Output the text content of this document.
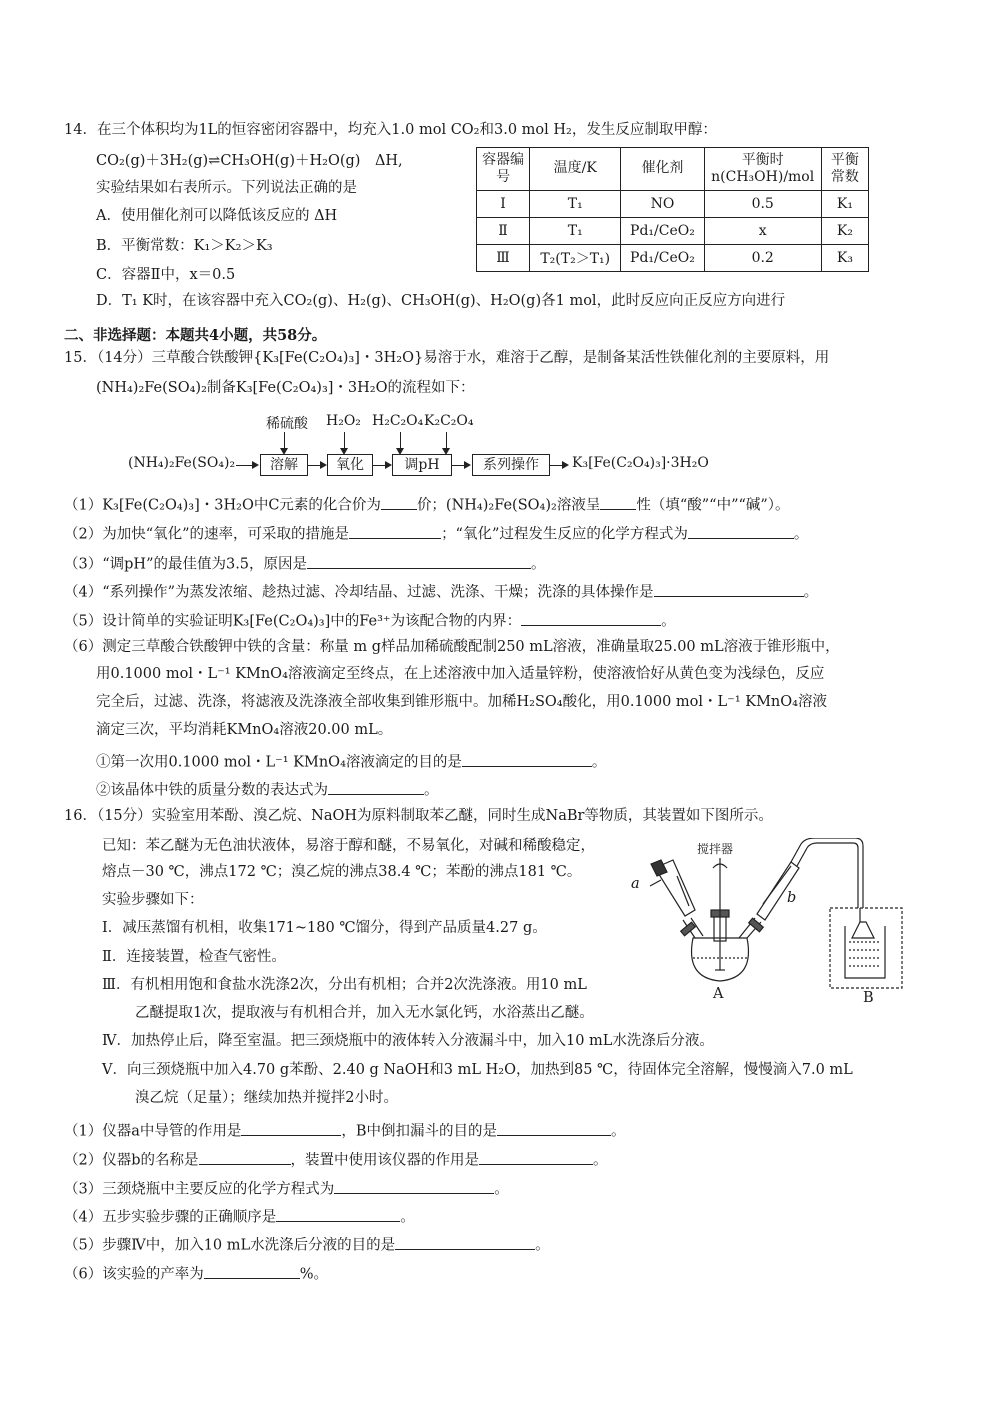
14．在三个体积均为1L的恒容密闭容器中，均充入1.0 mol CO₂和3.0 mol H₂，发生反应制取甲醇：
CO₂(g)＋3H₂(g)⇌CH₃OH(g)＋H₂O(g)　ΔH,
实验结果如右表所示。下列说法正确的是
A．使用催化剂可以降低该反应的 ΔH
B．平衡常数：K₁＞K₂＞K₃
C．容器Ⅱ中，x＝0.5
D．T₁ K时，在该容器中充入CO₂(g)、H₂(g)、CH₃OH(g)、H₂O(g)各1 mol，此时反应向正反应方向进行
容器编号	温度/K	催化剂	平衡时 n(CH₃OH)/mol	平衡常数
Ⅰ	T₁	NO	0.5	K₁
Ⅱ	T₁	Pd₁/CeO₂	x	K₂
Ⅲ	T₂(T₂＞T₁)	Pd₁/CeO₂	0.2	K₃
二、非选择题：本题共4小题，共58分。
15．（14分）三草酸合铁酸钾{K₃[Fe(C₂O₄)₃]・3H₂O}易溶于水，难溶于乙醇，是制备某活性铁催化剂的主要原料，用
(NH₄)₂Fe(SO₄)₂制备K₃[Fe(C₂O₄)₃]・3H₂O的流程如下：
稀硫酸 H₂O₂ H₂C₂O₄ K₂C₂O₄
(NH₄)₂Fe(SO₄)₂	溶解	氧化	调pH	系列操作	K₃[Fe(C₂O₄)₃]·3H₂O
（1）K₃[Fe(C₂O₄)₃]・3H₂O中C元素的化合价为 价；(NH₄)₂Fe(SO₄)₂溶液呈 性（填“酸”“中”“碱”）。
（2）为加快“氧化”的速率，可采取的措施是	；“氧化”过程发生反应的化学方程式为	。
（3）“调pH”的最佳值为3.5，原因是	。
（4）“系列操作”为蒸发浓缩、趁热过滤、冷却结晶、过滤、洗涤、干燥；洗涤的具体操作是	。
（5）设计简单的实验证明K₃[Fe(C₂O₄)₃]中的Fe³⁺为该配合物的内界：	。
（6）测定三草酸合铁酸钾中铁的含量：称量 m g样品加稀硫酸配制250 mL溶液，准确量取25.00 mL溶液于锥形瓶中，
用0.1000 mol・L⁻¹ KMnO₄溶液滴定至终点，在上述溶液中加入适量锌粉，使溶液恰好从黄色变为浅绿色，反应
完全后，过滤、洗涤，将滤液及洗涤液全部收集到锥形瓶中。加稀H₂SO₄酸化，用0.1000 mol・L⁻¹ KMnO₄溶液
滴定三次，平均消耗KMnO₄溶液20.00 mL。
①第一次用0.1000 mol・L⁻¹ KMnO₄溶液滴定的目的是	。
②该晶体中铁的质量分数的表达式为	。
16．（15分）实验室用苯酚、溴乙烷、NaOH为原料制取苯乙醚，同时生成NaBr等物质，其装置如下图所示。
已知：苯乙醚为无色油状液体，易溶于醇和醚，不易氧化，对碱和稀酸稳定，
熔点－30 ℃，沸点172 ℃；溴乙烷的沸点38.4 ℃；苯酚的沸点181 ℃。
实验步骤如下：
Ⅰ．减压蒸馏有机相，收集171~180 ℃馏分，得到产品质量4.27 g。
Ⅱ．连接装置，检查气密性。
Ⅲ．有机相用饱和食盐水洗涤2次，分出有机相；合并2次洗涤液。用10 mL
乙醚提取1次，提取液与有机相合并，加入无水氯化钙，水浴蒸出乙醚。
Ⅳ．加热停止后，降至室温。把三颈烧瓶中的液体转入分液漏斗中，加入10 mL水洗涤后分液。
Ⅴ．向三颈烧瓶中加入4.70 g苯酚、2.40 g NaOH和3 mL H₂O，加热到85 ℃，待固体完全溶解，慢慢滴入7.0 mL
溴乙烷（足量）；继续加热并搅拌2小时。
搅拌器
a
b
A	B
（1）仪器a中导管的作用是	，B中倒扣漏斗的目的是	。
（2）仪器b的名称是	，装置中使用该仪器的作用是	。
（3）三颈烧瓶中主要反应的化学方程式为	。
（4）五步实验步骤的正确顺序是	。
（5）步骤Ⅳ中，加入10 mL水洗涤后分液的目的是	。
（6）该实验的产率为	%。
